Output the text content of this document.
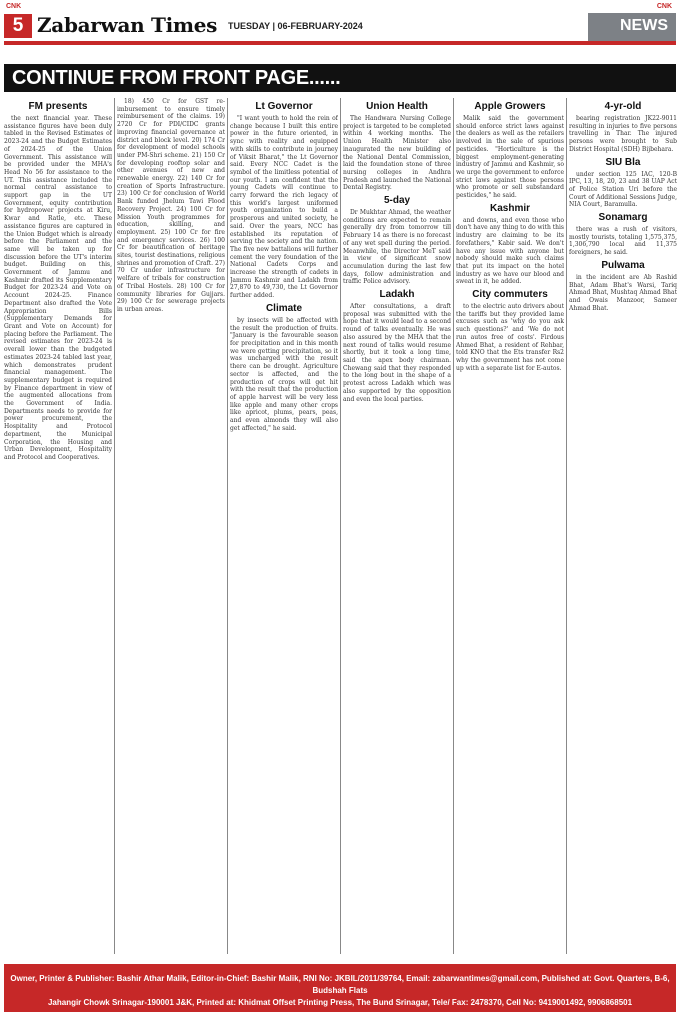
CNK
5 Zabarwan Times TUESDAY | 06-FEBRUARY-2024
CNK
NEWS
CONTINUE FROM FRONT PAGE......
FM presents

the next financial year. These assistance figures have been duly tabled in the Revised Estimates of 2023-24 and the Budget Estimates of 2024-25 of the Union Government. This assistance will be provided under the MHA's Head No 56 for assistance to the UT. This assistance included the normal central assistance to support gap in the UT Government, equity contribution for hydropower projects at Kiru, Kwar and Ratle, etc. These assistance figures are captured in the Union Budget which is already before the Parliament and the same will be taken up for discussion before the UT's interim budget. Building on this, Government of Jammu and Kashmir drafted its Supplementary Budget for 2023-24 and Vote on Account 2024-25. Finance Department also drafted the Vote Appropriation Bills (Supplementary Demands for Grant and Vote on Account) for placing before the Parliament. The revised estimates for 2023-24 is overall lower than the budgeted estimates 2023-24 tabled last year, which demonstrates prudent financial management. The supplementary budget is required by Finance department in view of the augmented allocations from the Government of India. Departments needs to provide for power procurement, the Hospitality and Protocol department, the Municipal Corporation, the Housing and Urban Development, Hospitality and Protocol and Cooperatives.

18) 450 Cr for GST re-imbursement to ensure timely reimbursement of the claims. 19) 2720 Cr for PDI/CIDC grants improving financial governance at district and block level. 20) 174 Cr for development of model schools under PM-Shri scheme. 21) 150 Cr for developing rooftop solar and other avenues of new and renewable energy. 22) 140 Cr for creation of Sports Infrastructure. 23) 100 Cr for conclusion of World Bank funded Jhelum Tawi Flood Recovery Project. 24) 100 Cr for Mission Youth programmes for education, skilling, and employment. 25) 100 Cr for fire and emergency services. 26) 100 Cr for beautification of heritage sites, tourist destinations, religious shrines and promotion of Craft. 27) 70 Cr under infrastructure for welfare of tribals for construction of Tribal Hostels. 28) 100 Cr for community libraries for Gujjars. 29) 100 Cr for sewerage projects in urban areas.

Lt Governor

"I want youth to hold the rein of change because I built this entire power in the future oriented, in sync with reality and equipped with skills to contribute in journey of Viksit Bharat," the Lt Governor said. Every NCC Cadet is the symbol of the limitless potential of our youth. I am confident that the young Cadets will continue to carry forward the rich legacy of this world's largest uniformed youth organization to build a prosperous and united society, he said. Over the years, NCC has established its reputation of serving the society and the nation. The five new battalions will further cement the very foundation of the National Cadets Corps and increase the strength of cadets in Jammu Kashmir and Ladakh from 27,870 to 49,730, the Lt Governor further added.

Climate

by insects will be affected with the result the production of fruits. "January is the favourable season for precipitation and in this month we were getting precipitation, so it was uncharged with the result there can be drought. Agriculture sector is affected, and the production of crops will get hit with the result that the production of apple harvest will be very less like apple and many other crops like apricot, plums, pears, peas, and even almonds they will also get affected," he said.

Union Health

The Handwara Nursing College project is targeted to be completed within 4 working months. The Union Health Minister also inaugurated the new building of the National Dental Commission, laid the foundation stone of three nursing colleges in Andhra Pradesh and launched the National Dental Registry.

5-day

Dr Mukhtar Ahmad, the weather conditions are expected to remain generally dry from tomorrow till February 14 as there is no forecast of any wet spell during the period. Meanwhile, the Director MeT said in view of significant snow accumulation during the last few days, follow administration and traffic Police advisory.

Ladakh

After consultations, a draft proposal was submitted with the hope that it would lead to a second round of talks eventually. He was also assured by the MHA that the next round of talks would resume shortly, but it took a long time, said the apex body chairman. Chewang said that they responded to the long bout in the shape of a protest across Ladakh which was also supported by the opposition and even the local parties.

Apple Growers

Malik said the government should enforce strict laws against the dealers as well as the retailers involved in the sale of spurious pesticides. "Horticulture is the biggest employment-generating industry of Jammu and Kashmir, so we urge the government to enforce strict laws against those persons who promote or sell substandard pesticides," he said.

Kashmir

and downs, and even those who don't have any thing to do with this industry are claiming to be its forefathers," Kabir said. We don't have any issue with anyone but nobody should make such claims that put its impact on the hotel industry as we have our blood and sweat in it, he added.

City commuters

to the electric auto drivers about the tariffs but they provided lame excuses such as 'why do you ask such questions?' and 'We do not run autos free of costs'. Firdous Ahmed Bhat, a resident of Rehbar, told KNO that the Ets transfer Rs2 why the government has not come up with a separate list for E-autos.

4-yr-old

bearing registration JK22-9011 resulting in injuries to five persons travelling in Thar. The injured persons were brought to Sub District Hospital (SDH) Bijbehara.

SIU Bla

under section 125 IAC, 120-B IPC, 13, 18, 20, 23 and 38 UAP Act of Police Station Uri before the Court of Additional Sessions Judge, NIA Court, Baramulla.

Sonamarg

there was a rush of visitors, mostly tourists, totaling 1,575,375, 1,306,790 local and 11,375 foreigners, he said.

Pulwama

in the incident are Ab Rashid Bhat, Adam Bhat's Warsi, Tariq Ahmad Bhat, Mushtaq Ahmad Bhat and Owais Manzoor, Sameer Ahmad Bhat.

Owner, Printer & Publisher: Bashir Athar Malik, Editor-in-Chief: Bashir Malik, RNI No: JKBIL/2011/39764, Email: zabarwantimes@gmail.com, Published at: Govt. Quarters, B-6, Budshah Flats
Jahangir Chowk Srinagar-190001 J&K, Printed at: Khidmat Offset Printing Press, The Bund Srinagar, Tele/ Fax: 2478370, Cell No: 9419001492, 9906868501
